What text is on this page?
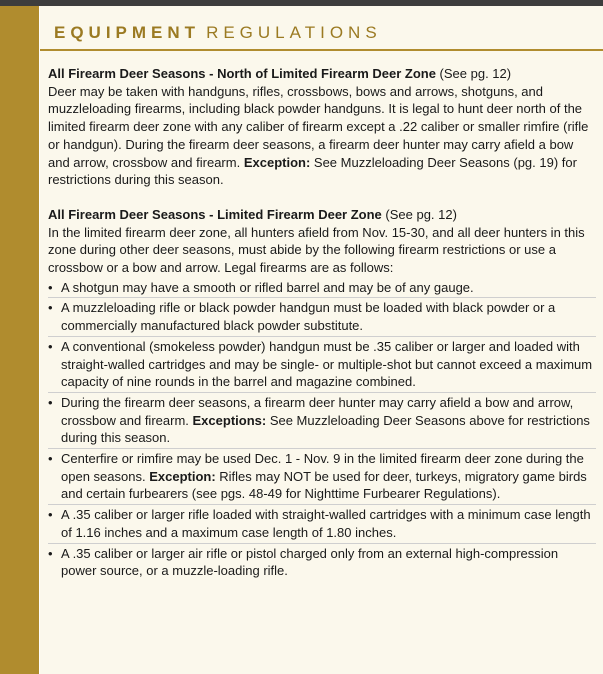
EQUIPMENT REGULATIONS

All Firearm Deer Seasons - North of Limited Firearm Deer Zone (See pg. 12)
Deer may be taken with handguns, rifles, crossbows, bows and arrows, shotguns, and muzzleloading firearms, including black powder handguns. It is legal to hunt deer north of the limited firearm deer zone with any caliber of firearm except a .22 caliber or smaller rimfire (rifle or handgun). During the firearm deer seasons, a firearm deer hunter may carry afield a bow and arrow, crossbow and firearm. Exception: See Muzzleloading Deer Seasons (pg. 19) for restrictions during this season.

All Firearm Deer Seasons - Limited Firearm Deer Zone (See pg. 12)
In the limited firearm deer zone, all hunters afield from Nov. 15-30, and all deer hunters in this zone during other deer seasons, must abide by the following firearm restrictions or use a crossbow or a bow and arrow. Legal firearms are as follows:

• A shotgun may have a smooth or rifled barrel and may be of any gauge.
• A muzzleloading rifle or black powder handgun must be loaded with black powder or a commercially manufactured black powder substitute.
• A conventional (smokeless powder) handgun must be .35 caliber or larger and loaded with straight-walled cartridges and may be single- or multiple-shot but cannot exceed a maximum capacity of nine rounds in the barrel and magazine combined.
• During the firearm deer seasons, a firearm deer hunter may carry afield a bow and arrow, crossbow and firearm. Exceptions: See Muzzleloading Deer Seasons above for restrictions during this season.
• Centerfire or rimfire may be used Dec. 1 - Nov. 9 in the limited firearm deer zone during the open seasons. Exception: Rifles may NOT be used for deer, turkeys, migratory game birds and certain furbearers (see pgs. 48-49 for Nighttime Furbearer Regulations).
• A .35 caliber or larger rifle loaded with straight-walled cartridges with a minimum case length of 1.16 inches and a maximum case length of 1.80 inches.
• A .35 caliber or larger air rifle or pistol charged only from an external high-compression power source, or a muzzle-loading rifle.
